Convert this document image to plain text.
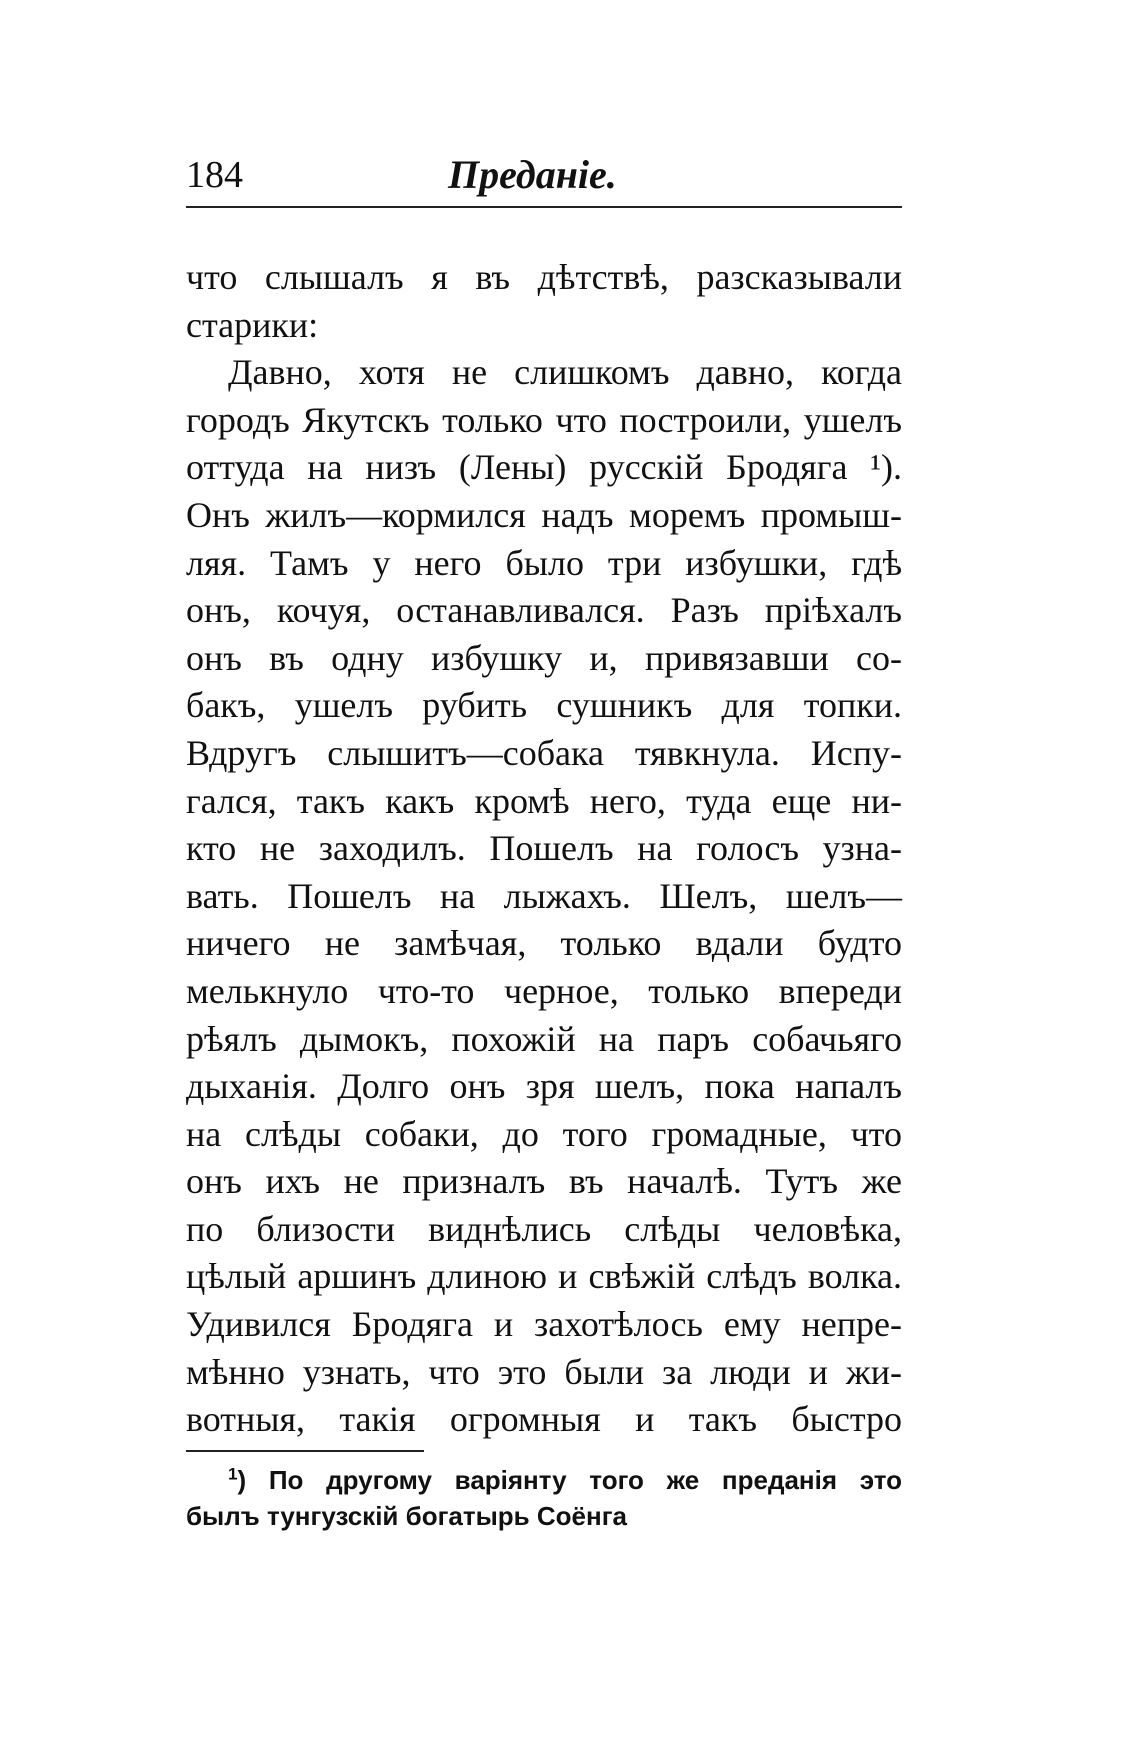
184	Преданіе.
что слышалъ я въ дѣтствѣ, разсказывали
старики:
Давно, хотя не слишкомъ давно, когда
городъ Якутскъ только что построили, ушелъ
оттуда на низъ (Лены) русскій Бродяга ¹).
Онъ жилъ—кормился надъ моремъ промыш-
ляя. Тамъ у него было три избушки, гдѣ
онъ, кочуя, останавливался. Разъ пріѣхалъ
онъ въ одну избушку и, привязавши со-
бакъ, ушелъ рубить сушникъ для топки.
Вдругъ слышитъ—собака тявкнула. Испу-
гался, такъ какъ кромѣ него, туда еще ни-
кто не заходилъ. Пошелъ на голосъ узна-
вать. Пошелъ на лыжахъ. Шелъ, шелъ—
ничего не замѣчая, только вдали будто
мелькнуло что-то черное, только впереди
рѣялъ дымокъ, похожій на паръ собачьяго
дыханія. Долго онъ зря шелъ, пока напалъ
на слѣды собаки, до того громадные, что
онъ ихъ не призналъ въ началѣ. Тутъ же
по близости виднѣлись слѣды человѣка,
цѣлый аршинъ длиною и свѣжій слѣдъ волка.
Удивился Бродяга и захотѣлось ему непре-
мѣнно узнать, что это были за люди и жи-
вотныя, такія огромныя и такъ быстро
$^1$) По другому варіянту того же преданія это
былъ тунгузскій богатырь Соёнга
